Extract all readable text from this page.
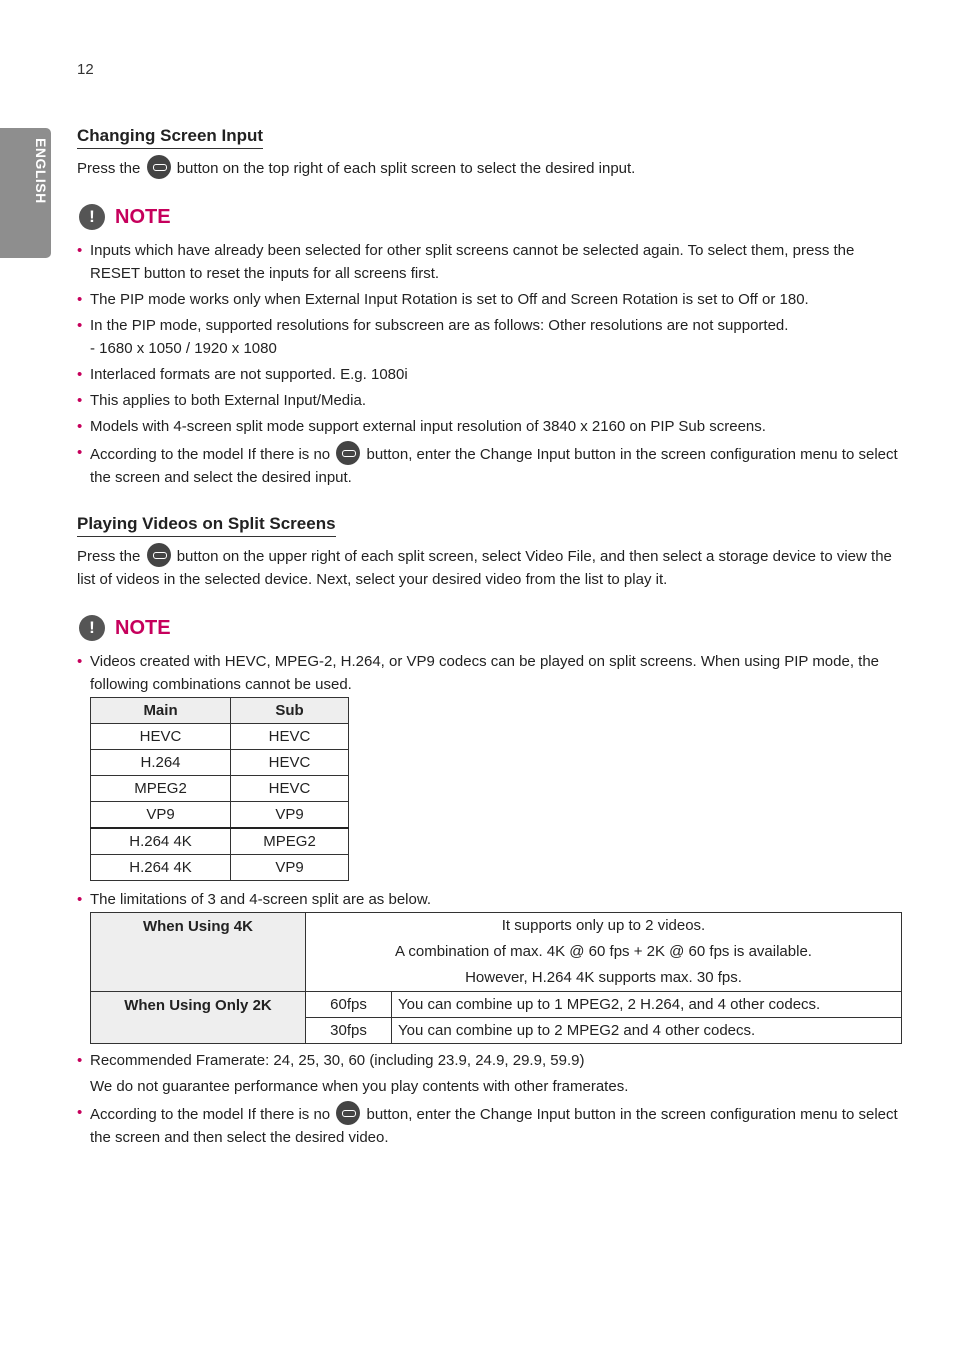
12
ENGLISH
Changing Screen Input
Press the button on the top right of each split screen to select the desired input.
!	NOTE
• Inputs which have already been selected for other split screens cannot be selected again. To select them, press the RESET button to reset the inputs for all screens first.
• The PIP mode works only when External Input Rotation is set to Off and Screen Rotation is set to Off or 180.
• In the PIP mode, supported resolutions for subscreen are as follows: Other resolutions are not supported.
- 1680 x 1050 / 1920 x 1080
• Interlaced formats are not supported. E.g. 1080i
• This applies to both External Input/Media.
• Models with 4-screen split mode support external input resolution of 3840 x 2160 on PIP Sub screens.
• According to the model If there is no button, enter the Change Input button in the screen configuration menu to select the screen and select the desired input.
Playing Videos on Split Screens
Press the button on the upper right of each split screen, select Video File, and then select a storage device to view the list of videos in the selected device. Next, select your desired video from the list to play it.
!	NOTE
• Videos created with HEVC, MPEG-2, H.264, or VP9 codecs can be played on split screens. When using PIP mode, the following combinations cannot be used.
Main	Sub
HEVC	HEVC
H.264	HEVC
MPEG2	HEVC
VP9	VP9
H.264 4K	MPEG2
H.264 4K	VP9
• The limitations of 3 and 4-screen split are as below.
When Using 4K	It supports only up to 2 videos.
A combination of max. 4K @ 60 fps + 2K @ 60 fps is available.
However, H.264 4K supports max. 30 fps.	

When Using Only 2K	60fps	You can combine up to 1 MPEG2, 2 H.264, and 4 other codecs.
	30fps	You can combine up to 2 MPEG2 and 4 other codecs.
• Recommended Framerate: 24, 25, 30, 60 (including 23.9, 24.9, 29.9, 59.9)
We do not guarantee performance when you play contents with other framerates.
• According to the model If there is no button, enter the Change Input button in the screen configuration menu to select the screen and then select the desired video.
